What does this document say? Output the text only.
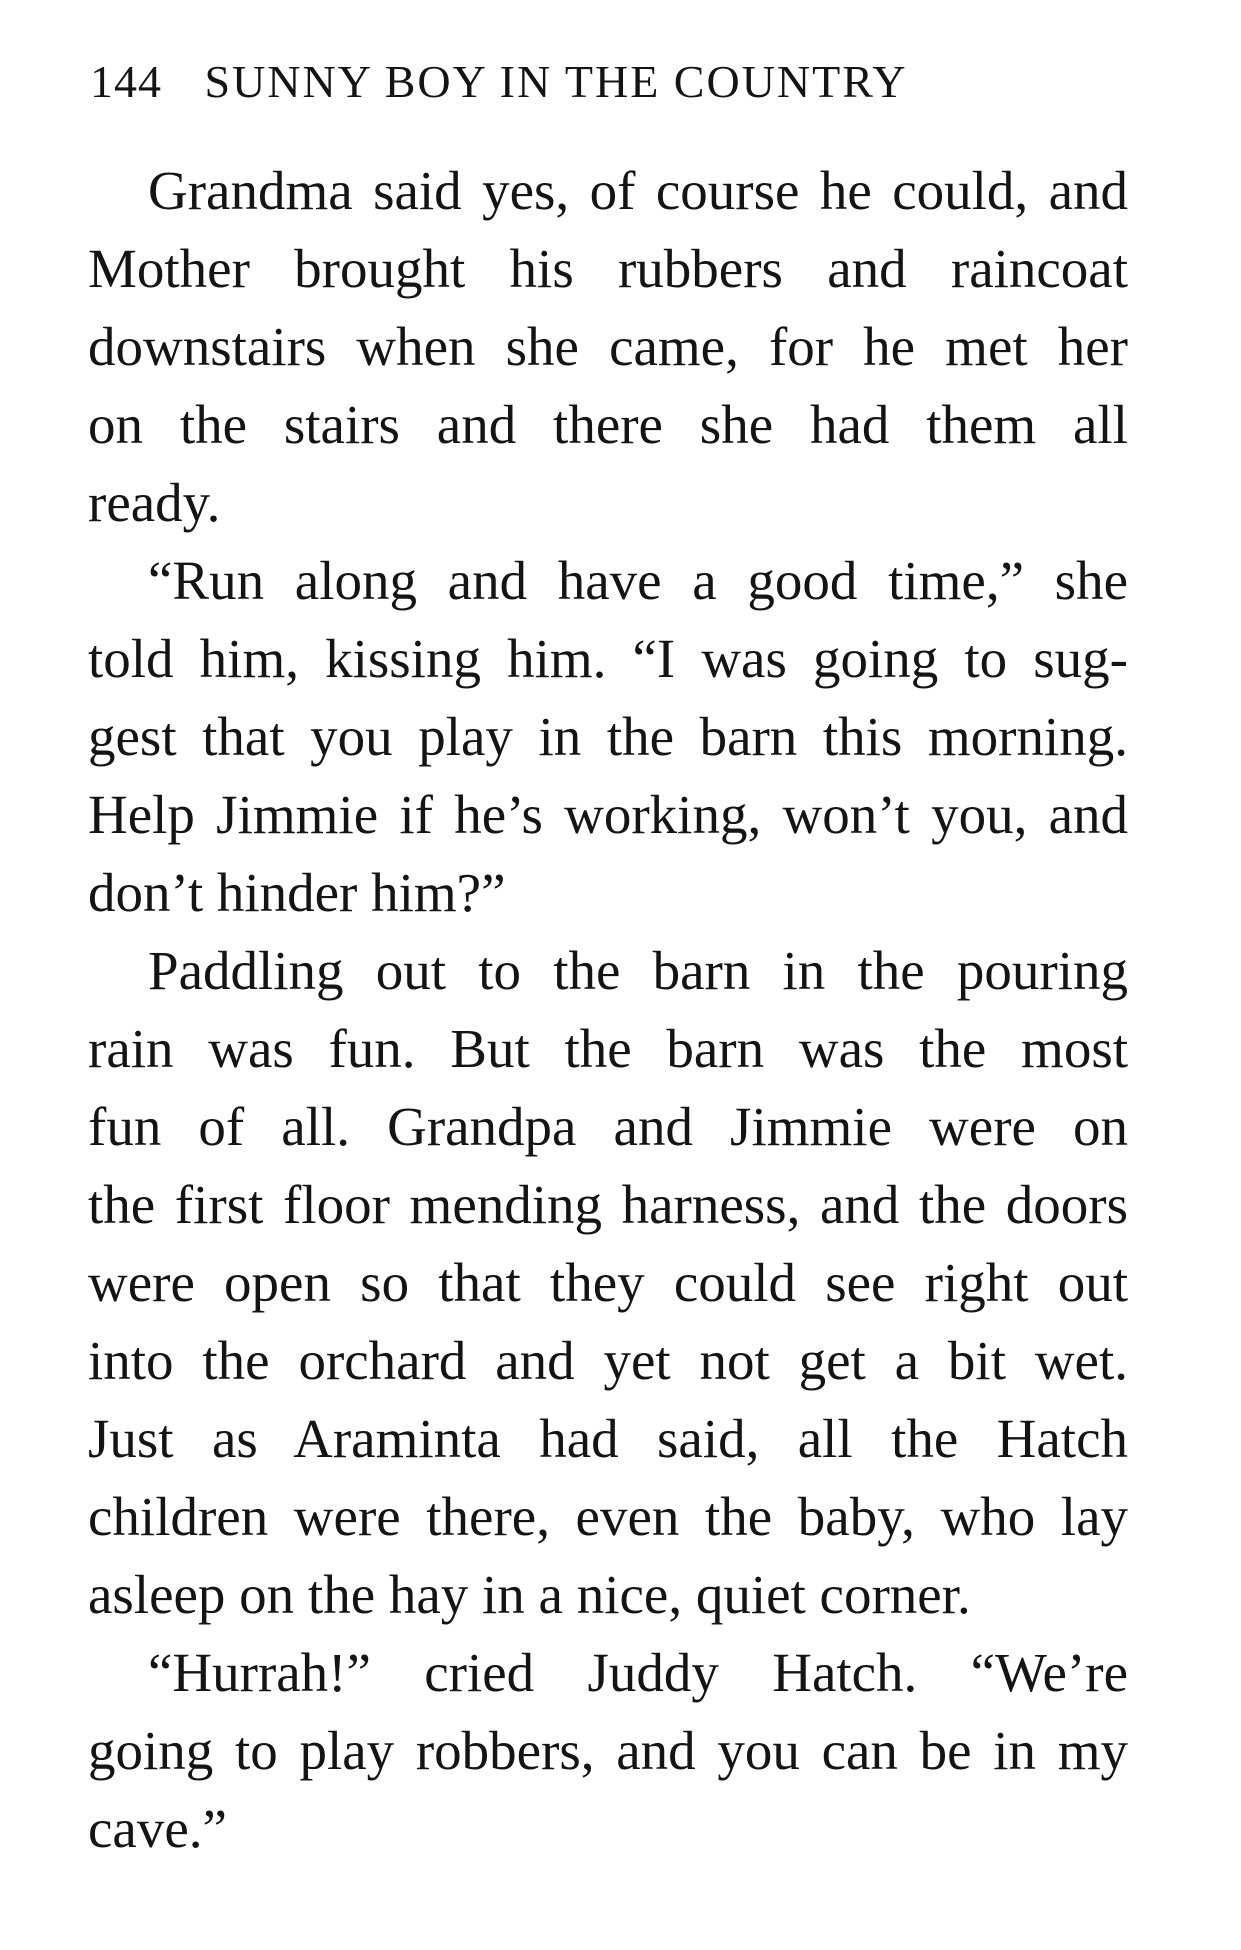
144 SUNNY BOY IN THE COUNTRY
Grandma said yes, of course he could, and
Mother brought his rubbers and raincoat
downstairs when she came, for he met her
on the stairs and there she had them all
ready.
“Run along and have a good time,” she
told him, kissing him. “I was going to sug-
gest that you play in the barn this morning.
Help Jimmie if he’s working, won’t you, and
don’t hinder him?”
Paddling out to the barn in the pouring
rain was fun. But the barn was the most
fun of all. Grandpa and Jimmie were on
the first floor mending harness, and the doors
were open so that they could see right out
into the orchard and yet not get a bit wet.
Just as Araminta had said, all the Hatch
children were there, even the baby, who lay
asleep on the hay in a nice, quiet corner.
“Hurrah!” cried Juddy Hatch. “We’re
going to play robbers, and you can be in my
cave.”
